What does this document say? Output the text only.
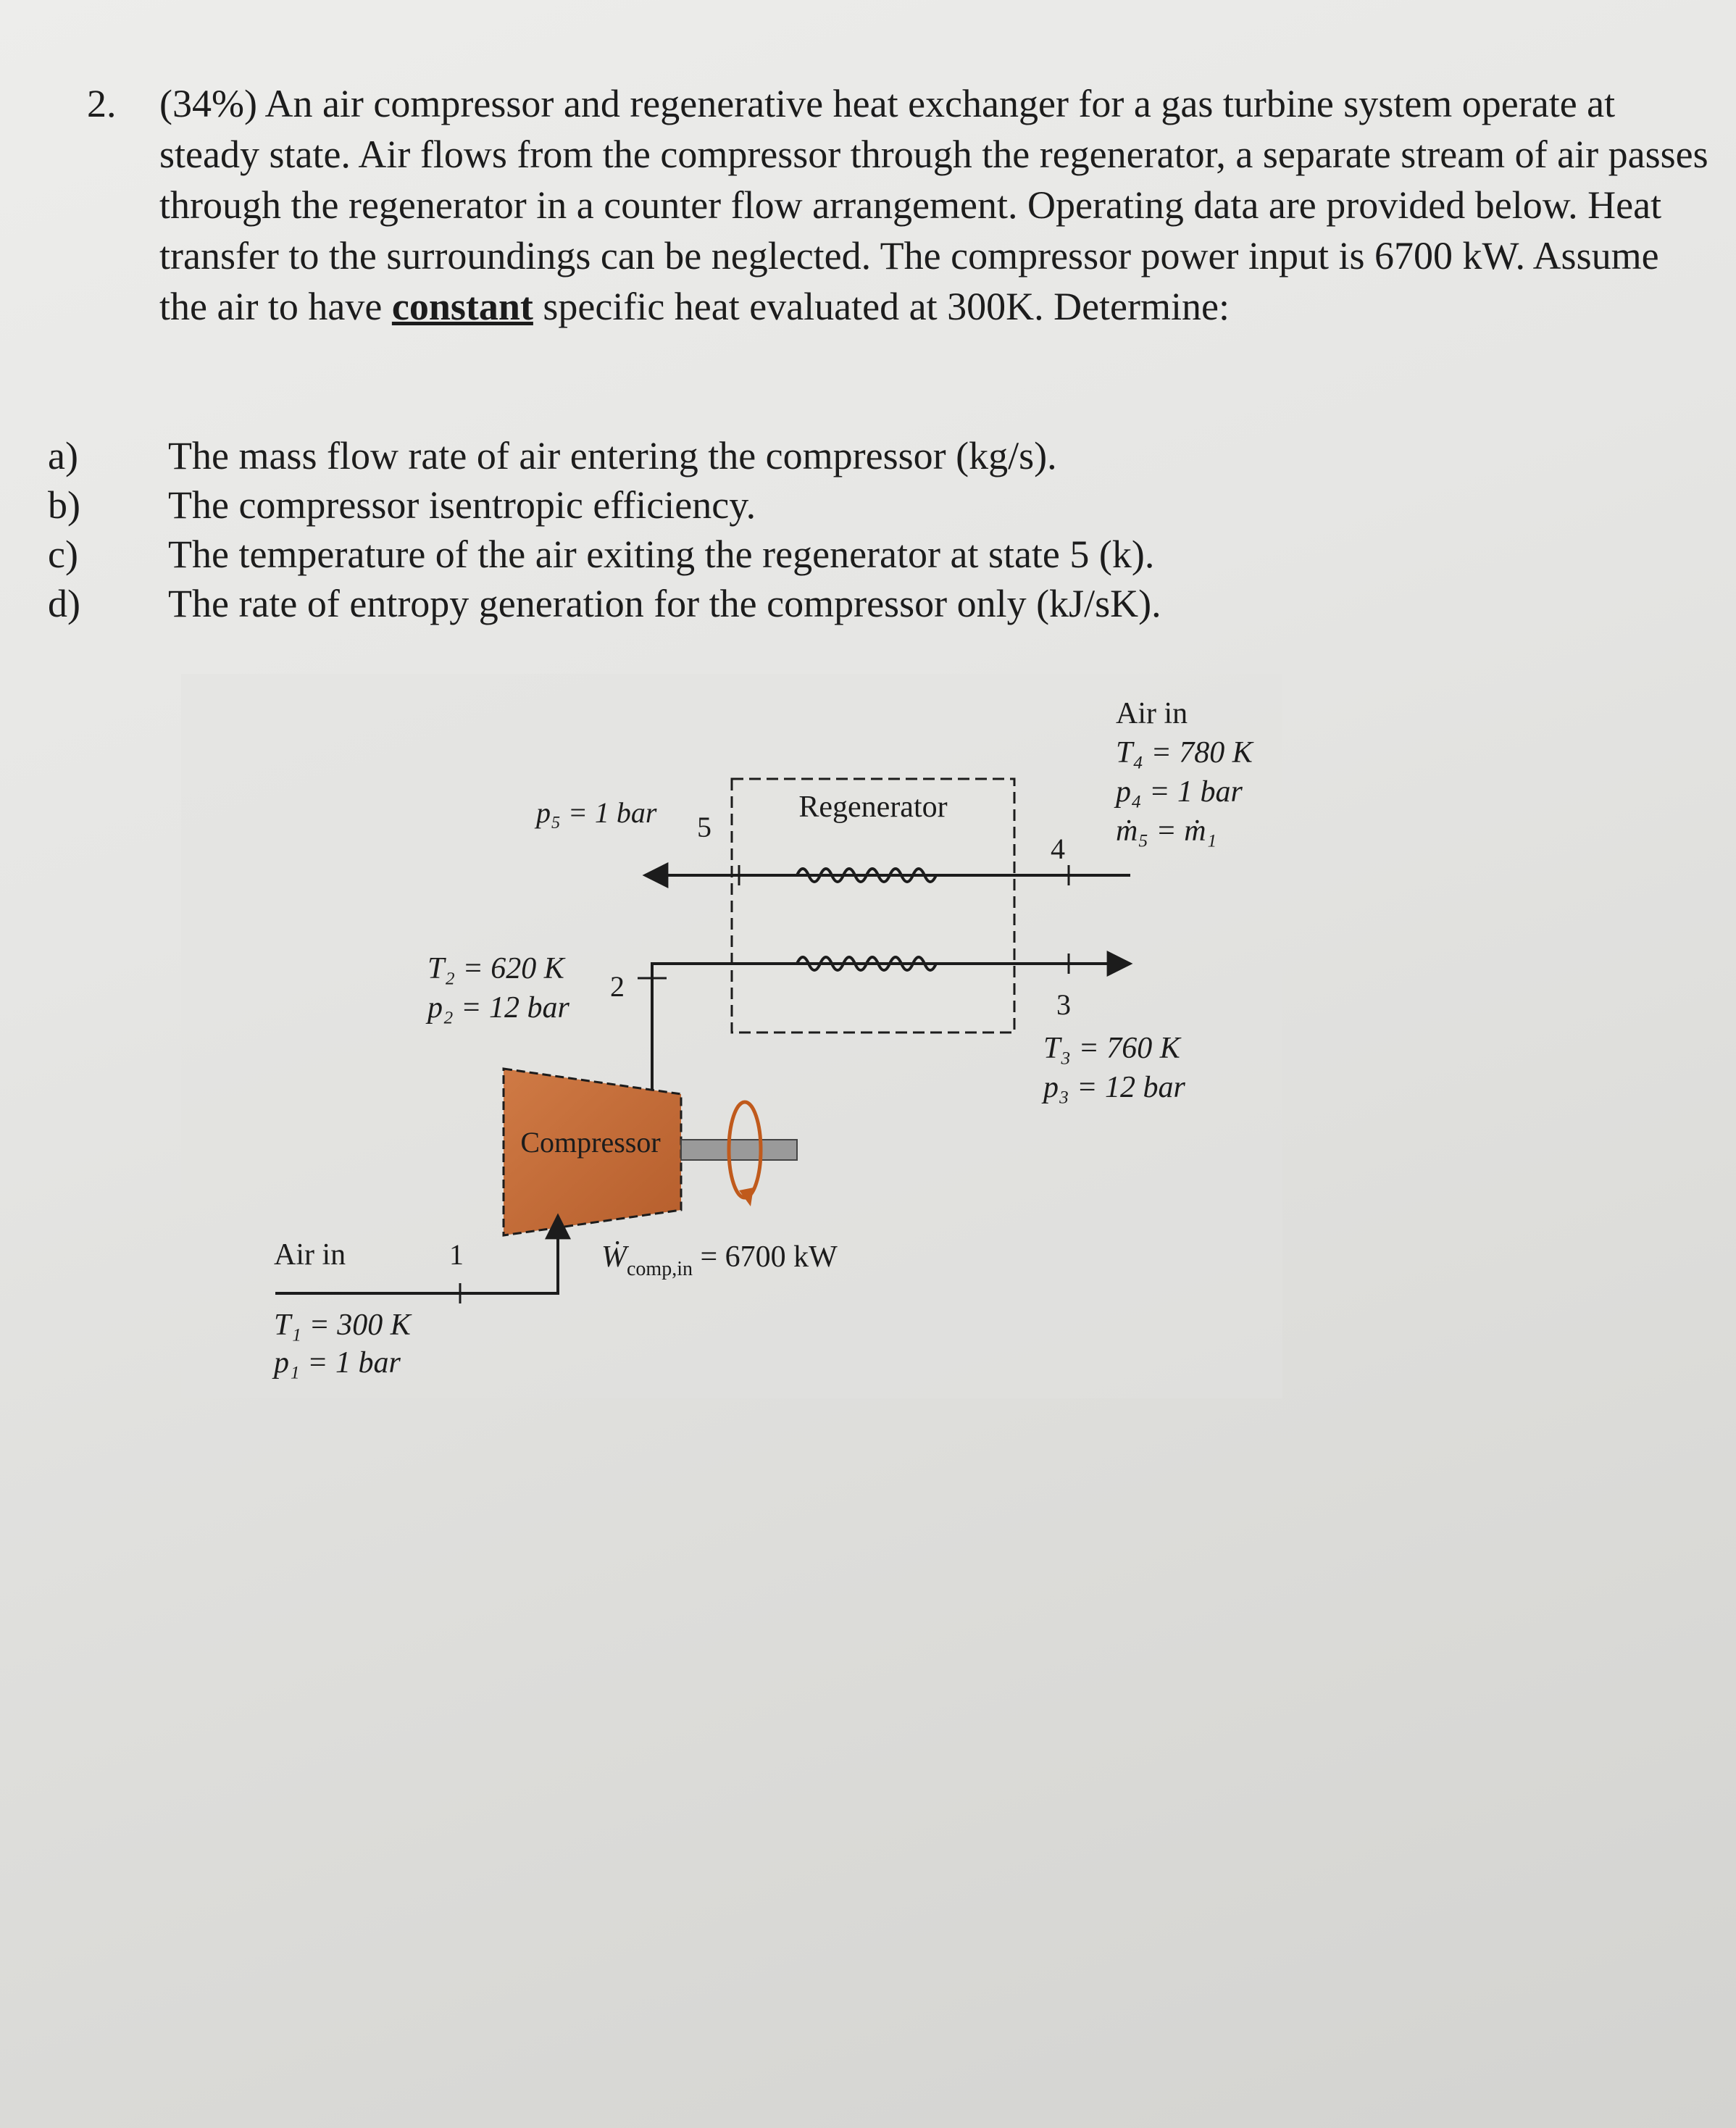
2. (34%) An air compressor and regenerative heat exchanger for a gas turbine system operate at steady state. Air flows from the compressor through the regenerator, a separate stream of air passes through the regenerator in a counter flow arrangement. Operating data are provided below. Heat transfer to the surroundings can be neglected. The compressor power input is 6700 kW. Assume the air to have constant specific heat evaluated at 300K. Determine:
a) The mass flow rate of air entering the compressor (kg/s).
b) The compressor isentropic efficiency.
c) The temperature of the air exiting the regenerator at state 5 (k).
d) The rate of entropy generation for the compressor only (kJ/sK).
Regenerator
Compressor
Air in
T₄ = 780 K
p₄ = 1 bar
ṁ₅ = ṁ₁
4
p₅ = 1 bar 5
T₂ = 620 K
p₂ = 12 bar
2
3
T₃ = 760 K
p₃ = 12 bar
Air in	1
T₁ = 300 K
p₁ = 1 bar
Ẇ$_{comp,in}$ = 6700 kW
